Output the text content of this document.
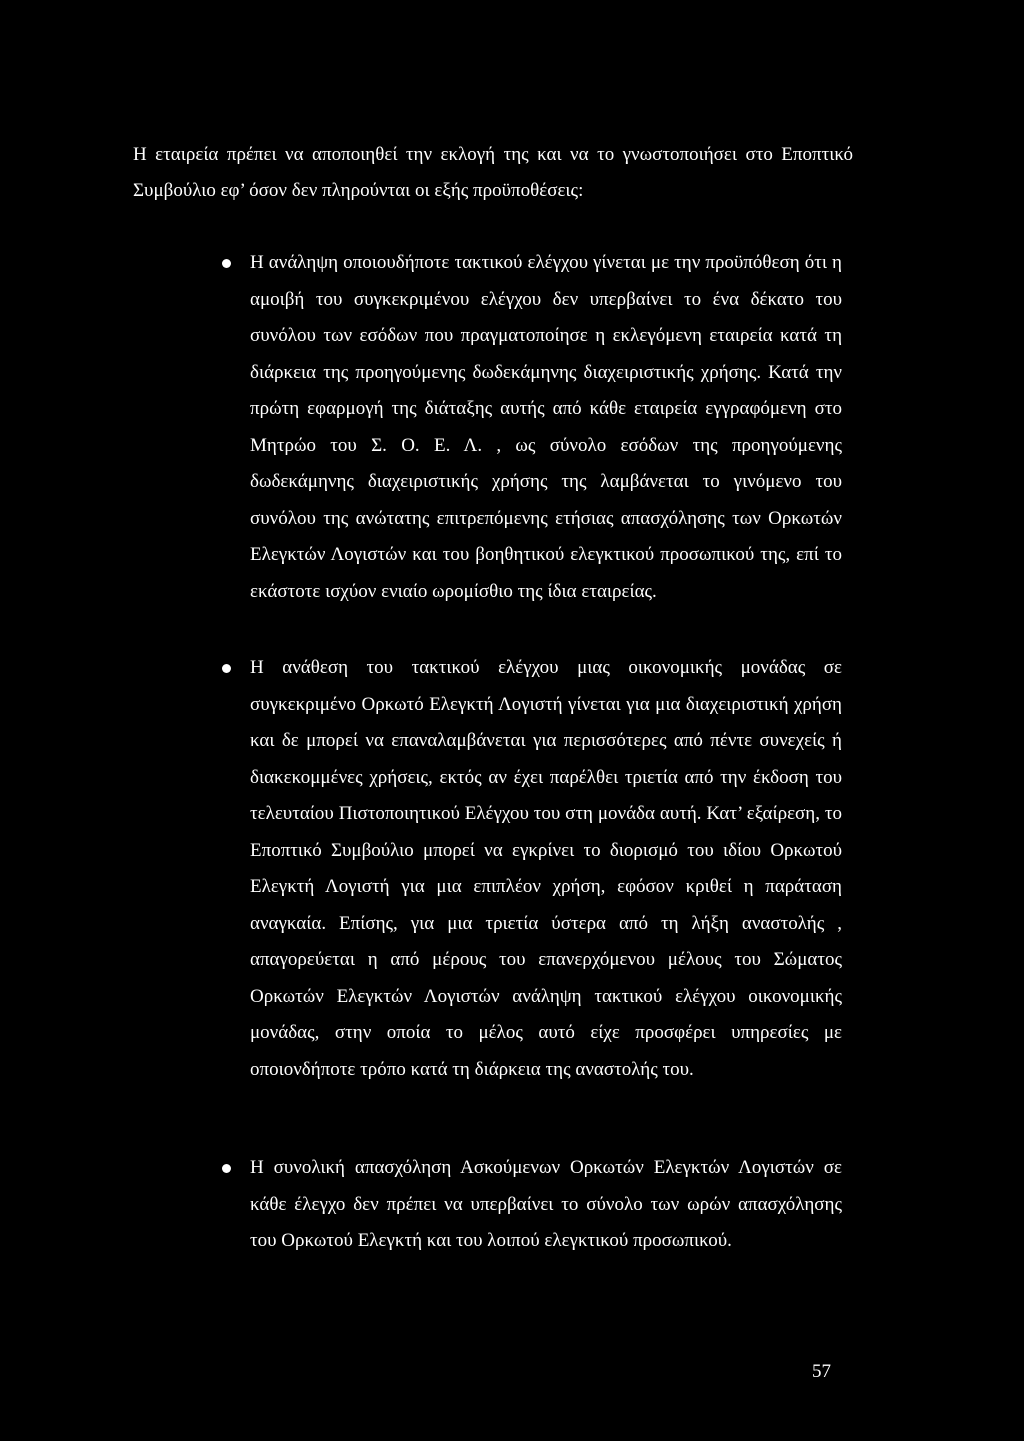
Η εταιρεία πρέπει να αποποιηθεί την εκλογή της και να το γνωστοποιήσει στο Εποπτικό Συμβούλιο εφ’ όσον δεν πληρούνται οι εξής προϋποθέσεις:

Η ανάληψη οποιουδήποτε τακτικού ελέγχου γίνεται με την προϋπόθεση ότι η αμοιβή του συγκεκριμένου ελέγχου δεν υπερβαίνει το ένα δέκατο του συνόλου των εσόδων που πραγματοποίησε η εκλεγόμενη εταιρεία κατά τη διάρκεια της προηγούμενης δωδεκάμηνης διαχειριστικής χρήσης. Κατά την πρώτη εφαρμογή της διάταξης αυτής από κάθε εταιρεία εγγραφόμενη στο Μητρώο του Σ. Ο. Ε. Λ. , ως σύνολο εσόδων της προηγούμενης δωδεκάμηνης διαχειριστικής χρήσης της λαμβάνεται το γινόμενο του συνόλου της ανώτατης επιτρεπόμενης ετήσιας απασχόλησης των Ορκωτών Ελεγκτών Λογιστών και του βοηθητικού ελεγκτικού προσωπικού της, επί το εκάστοτε ισχύον ενιαίο ωρομίσθιο της ίδια εταιρείας.
Η ανάθεση του τακτικού ελέγχου μιας οικονομικής μονάδας σε συγκεκριμένο Ορκωτό Ελεγκτή Λογιστή γίνεται για μια διαχειριστική χρήση και δε μπορεί να επαναλαμβάνεται για περισσότερες από πέντε συνεχείς ή διακεκομμένες χρήσεις, εκτός αν έχει παρέλθει τριετία από την έκδοση του τελευταίου Πιστοποιητικού Ελέγχου του στη μονάδα αυτή. Κατ’ εξαίρεση, το Εποπτικό Συμβούλιο μπορεί να εγκρίνει το διορισμό του ιδίου Ορκωτού Ελεγκτή Λογιστή για μια επιπλέον χρήση, εφόσον κριθεί η παράταση αναγκαία. Επίσης, για μια τριετία ύστερα από τη λήξη αναστολής , απαγορεύεται η από μέρους του επανερχόμενου μέλους του Σώματος Ορκωτών Ελεγκτών Λογιστών ανάληψη τακτικού ελέγχου οικονομικής μονάδας, στην οποία το μέλος αυτό είχε προσφέρει υπηρεσίες με οποιονδήποτε τρόπο κατά τη διάρκεια της αναστολής του.
Η συνολική απασχόληση Ασκούμενων Ορκωτών Ελεγκτών Λογιστών σε κάθε έλεγχο δεν πρέπει να υπερβαίνει το σύνολο των ωρών απασχόλησης του Ορκωτού Ελεγκτή και του λοιπού ελεγκτικού προσωπικού.
57
